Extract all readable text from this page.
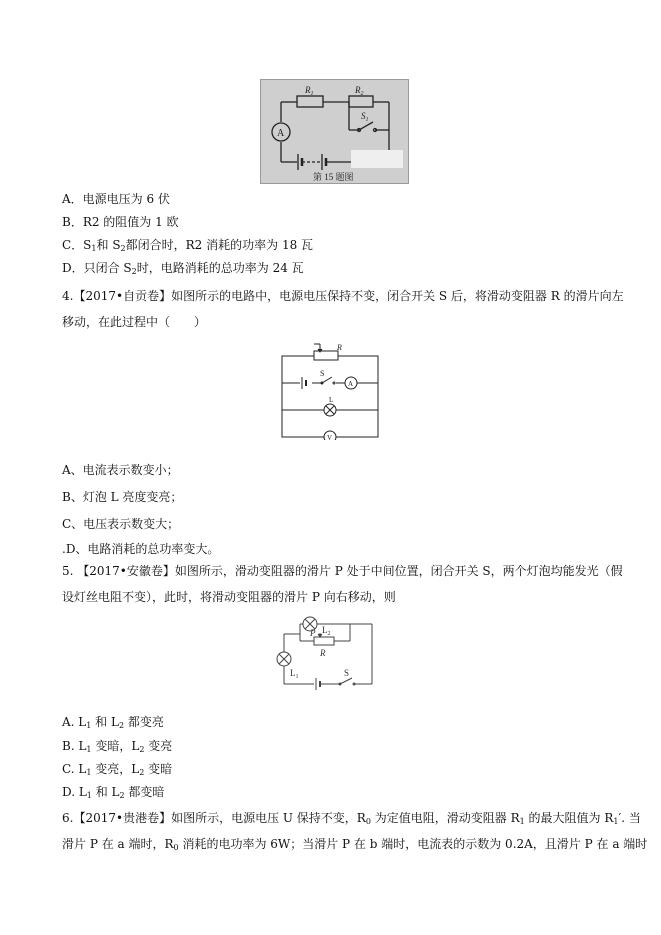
$R_1$	$R_2$
$S_1$
A
第 15 题图
A．电源电压为 6 伏
B．R2 的阻值为 1 欧
C．$S_1$和 $S_2$都闭合时，R2 消耗的功率为 18 瓦
D．只闭合 $S_2$时，电路消耗的总功率为 24 瓦
4.【2017•自贡卷】如图所示的电路中，电源电压保持不变，闭合开关 S 后，将滑动变阻器 R 的滑片向左
移动，在此过程中（　　）
R
S
A
L
V
A、电流表示数变小；
B、灯泡 L 亮度变亮；
C、电压表示数变大；
.D、电路消耗的总功率变大。
5. 【2017•安徽卷】如图所示，滑动变阻器的滑片 P 处于中间位置，闭合开关 S，两个灯泡均能发光（假
设灯丝电阻不变），此时，将滑动变阻器的滑片 P 向右移动，则
$L_2$
P
R
$L_1$	S
A. $L_1$ 和 $L_2$ 都变亮
B. $L_1$ 变暗，$L_2$ 变亮
C. $L_1$ 变亮，$L_2$ 变暗
D. $L_1$ 和 $L_2$ 都变暗
6.【2017•贵港卷】如图所示，电源电压 U 保持不变，$R_0$ 为定值电阻，滑动变阻器 $R_1$ 的最大阻值为 $R_1'$. 当
滑片 P 在 a 端时，$R_0$ 消耗的电功率为 6W；当滑片 P 在 b 端时，电流表的示数为 0.2A，且滑片 P 在 a 端时
